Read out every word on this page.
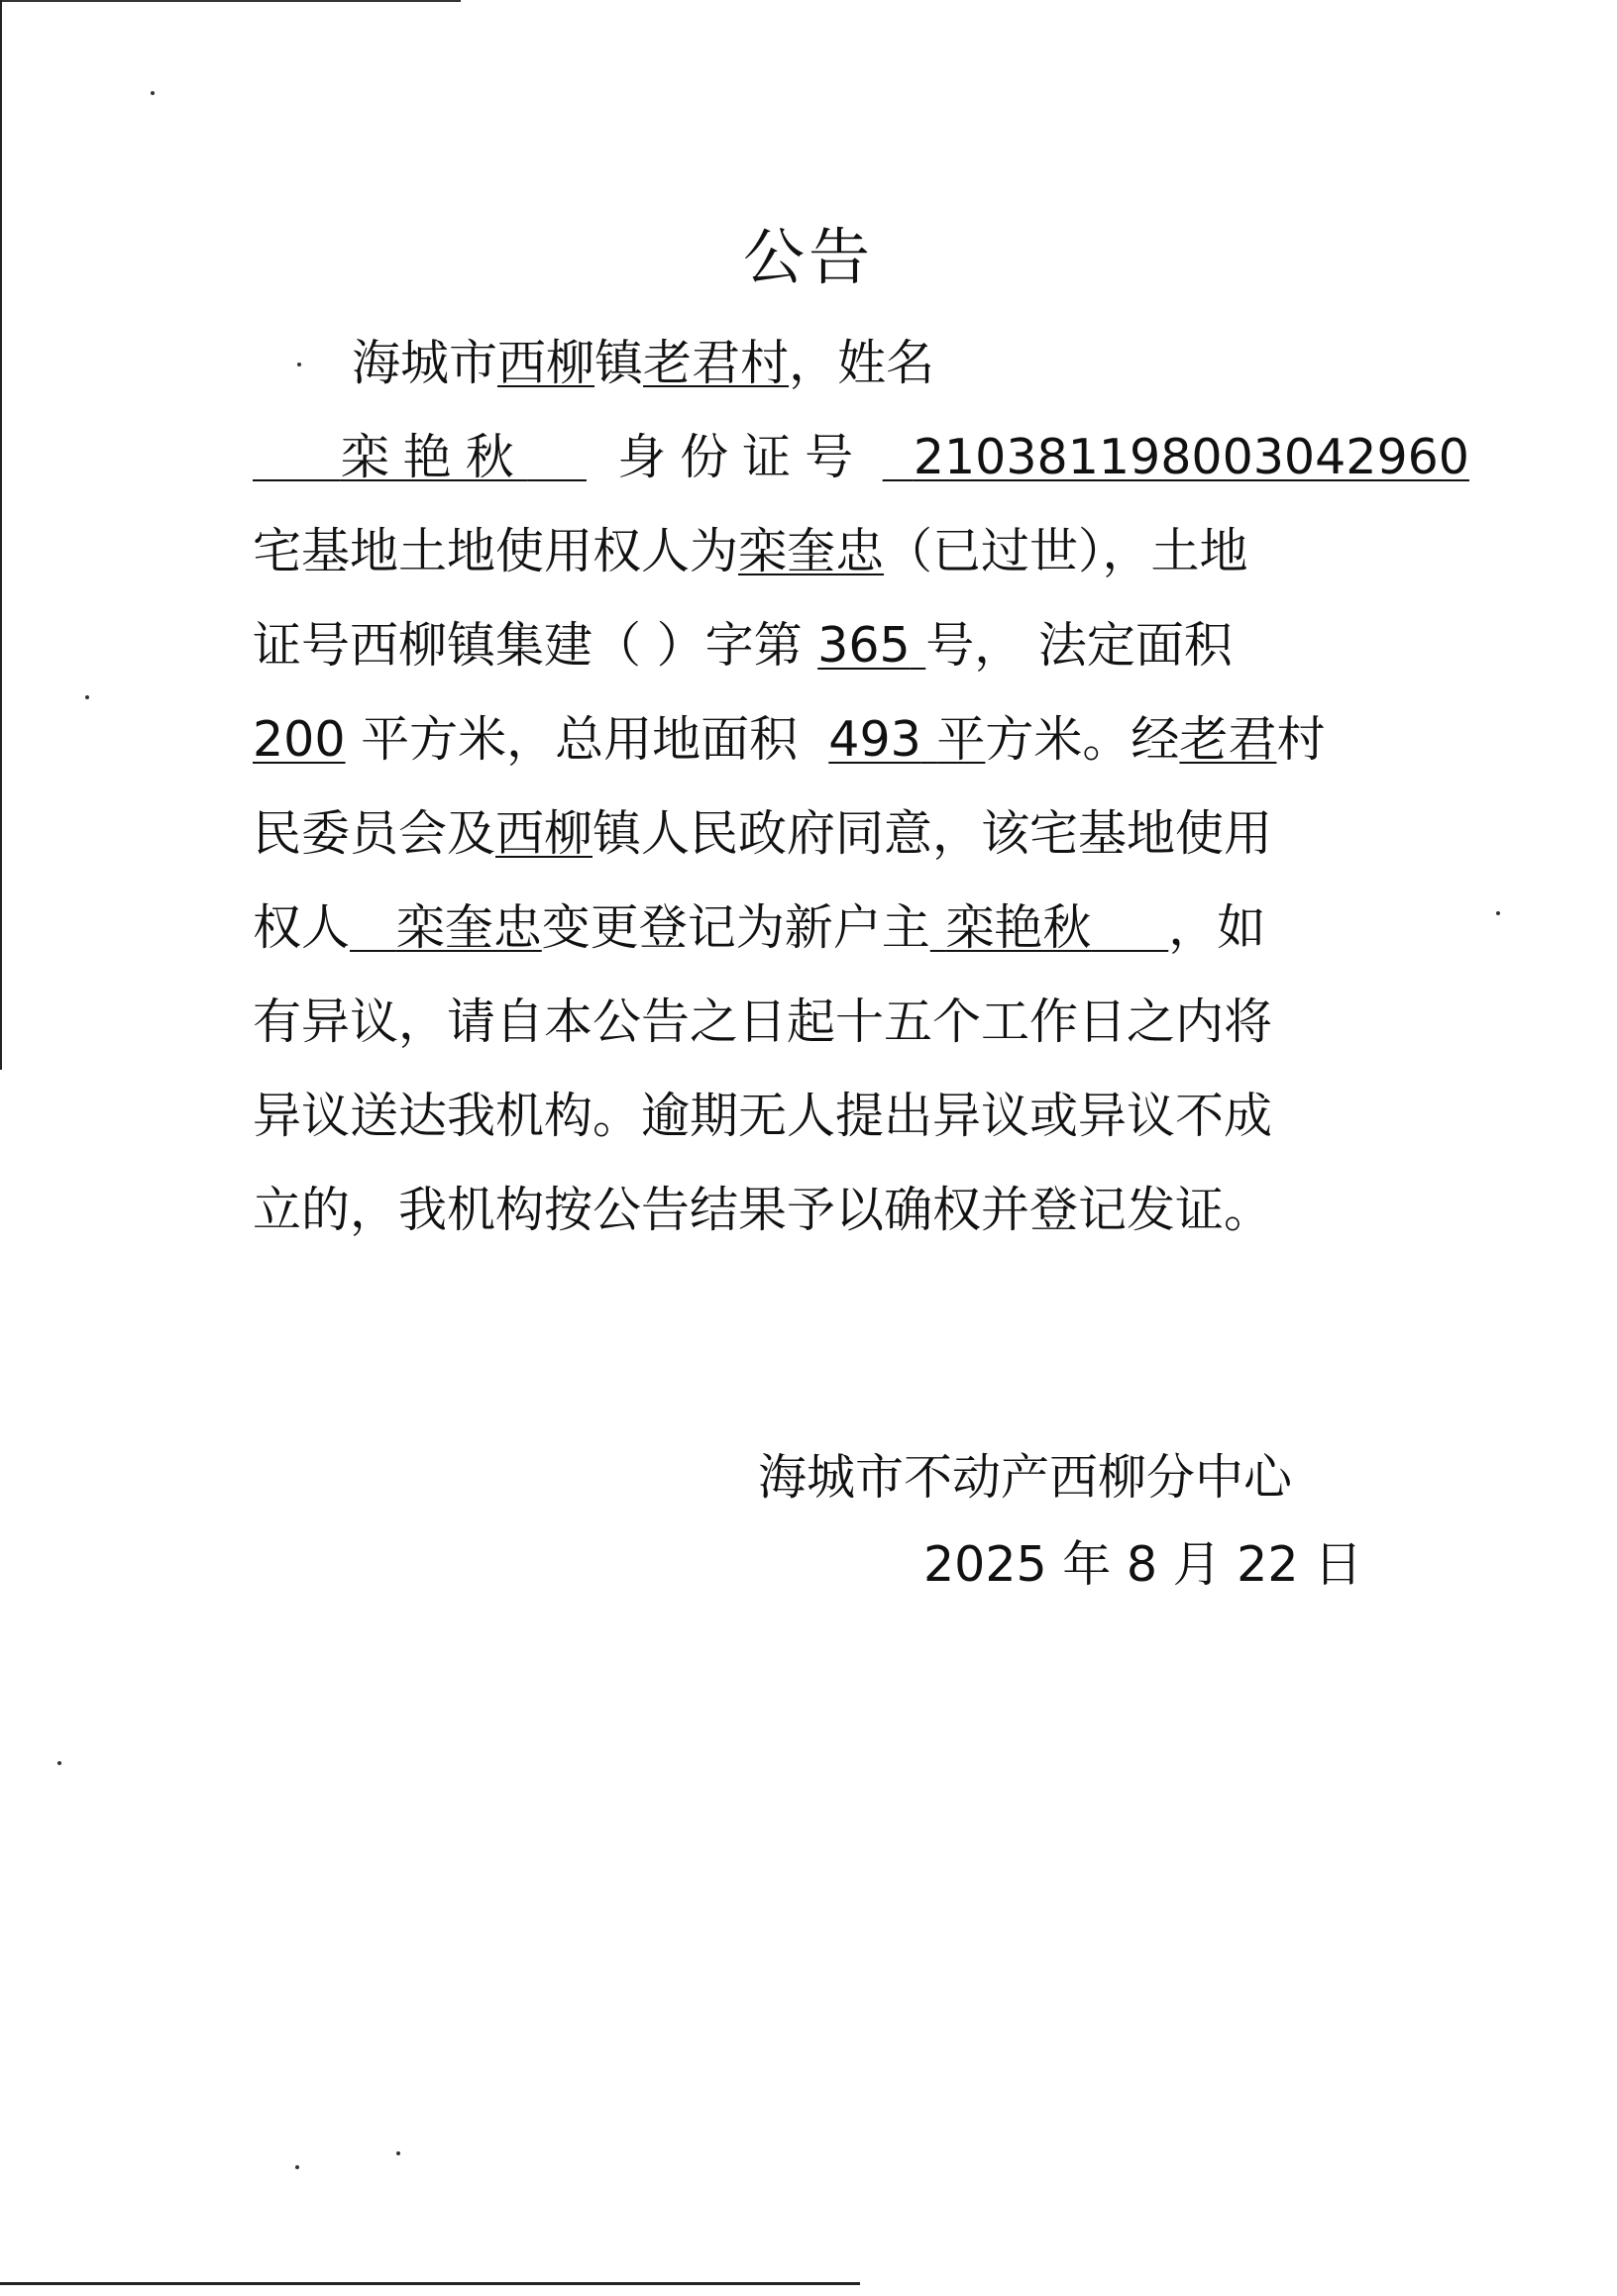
公告
海城市西柳镇老君村，姓名
栾艳秋 身份证号 210381198003042960
宅基地土地使用权人为栾奎忠（已过世），土地
证号西柳镇集建（ ）字第 365 号， 法定面积
200 平方米，总用地面积 493 平方米。经老君村
民委员会及西柳镇人民政府同意，该宅基地使用
权人 栾奎忠变更登记为新户主 栾艳秋 ，如
有异议，请自本公告之日起十五个工作日之内将
异议送达我机构。逾期无人提出异议或异议不成
立的，我机构按公告结果予以确权并登记发证。
海城市不动产西柳分中心
2025 年 8 月 22 日
